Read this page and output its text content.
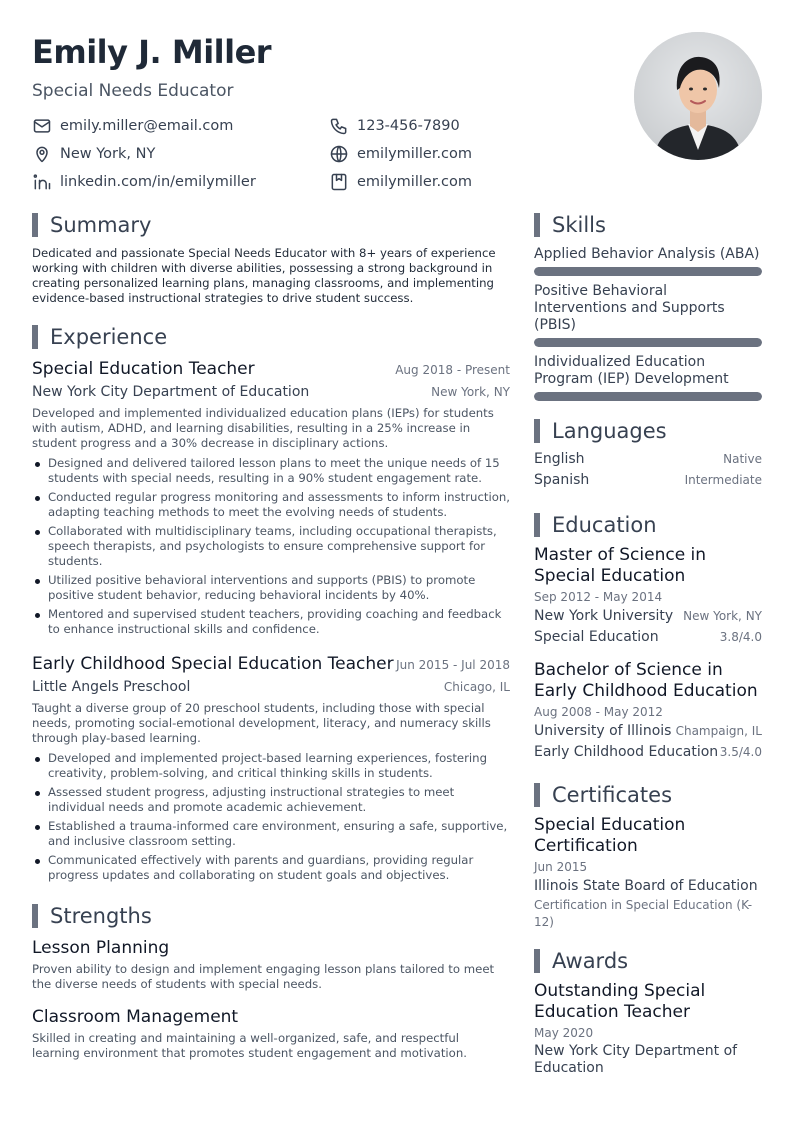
Emily J. Miller
Special Needs Educator
emily.miller@email.com	123-456-7890
New York, NY	emilymiller.com
linkedin.com/in/emilymiller	emilymiller.com
Summary

Dedicated and passionate Special Needs Educator with 8+ years of experience working with children with diverse abilities, possessing a strong background in creating personalized learning plans, managing classrooms, and implementing evidence-based instructional strategies to drive student success.

Experience
Special Education Teacher	Aug 2018 - Present
New York City Department of Education	New York, NY

Developed and implemented individualized education plans (IEPs) for students with autism, ADHD, and learning disabilities, resulting in a 25% increase in student progress and a 30% decrease in disciplinary actions.

Designed and delivered tailored lesson plans to meet the unique needs of 15 students with special needs, resulting in a 90% student engagement rate.
Conducted regular progress monitoring and assessments to inform instruction, adapting teaching methods to meet the evolving needs of students.
Collaborated with multidisciplinary teams, including occupational therapists, speech therapists, and psychologists to ensure comprehensive support for students.
Utilized positive behavioral interventions and supports (PBIS) to promote positive student behavior, reducing behavioral incidents by 40%.
Mentored and supervised student teachers, providing coaching and feedback to enhance instructional skills and confidence.
Early Childhood Special Education Teacher Jun 2015 - Jul 2018
Little Angels Preschool	Chicago, IL

Taught a diverse group of 20 preschool students, including those with special needs, promoting social-emotional development, literacy, and numeracy skills through play-based learning.

Developed and implemented project-based learning experiences, fostering creativity, problem-solving, and critical thinking skills in students.
Assessed student progress, adjusting instructional strategies to meet individual needs and promote academic achievement.
Established a trauma-informed care environment, ensuring a safe, supportive, and inclusive classroom setting.
Communicated effectively with parents and guardians, providing regular progress updates and collaborating on student goals and objectives.
Strengths
Lesson Planning

Proven ability to design and implement engaging lesson plans tailored to meet the diverse needs of students with special needs.

Classroom Management

Skilled in creating and maintaining a well-organized, safe, and respectful learning environment that promotes student engagement and motivation.

Skills
Applied Behavior Analysis (ABA)
Positive Behavioral Interventions and Supports (PBIS)
Individualized Education Program (IEP) Development
Languages
English	Native
Spanish	Intermediate
Education
Master of Science in Special Education
Sep 2012 - May 2014
New York University New York, NY
Special Education	3.8/4.0
Bachelor of Science in Early Childhood Education
Aug 2008 - May 2012
University of Illinois Champaign, IL
Early Childhood Education 3.5/4.0
Certificates
Special Education Certification
Jun 2015
Illinois State Board of Education
Certification in Special Education (K-12)
Awards
Outstanding Special Education Teacher
May 2020
New York City Department of Education
